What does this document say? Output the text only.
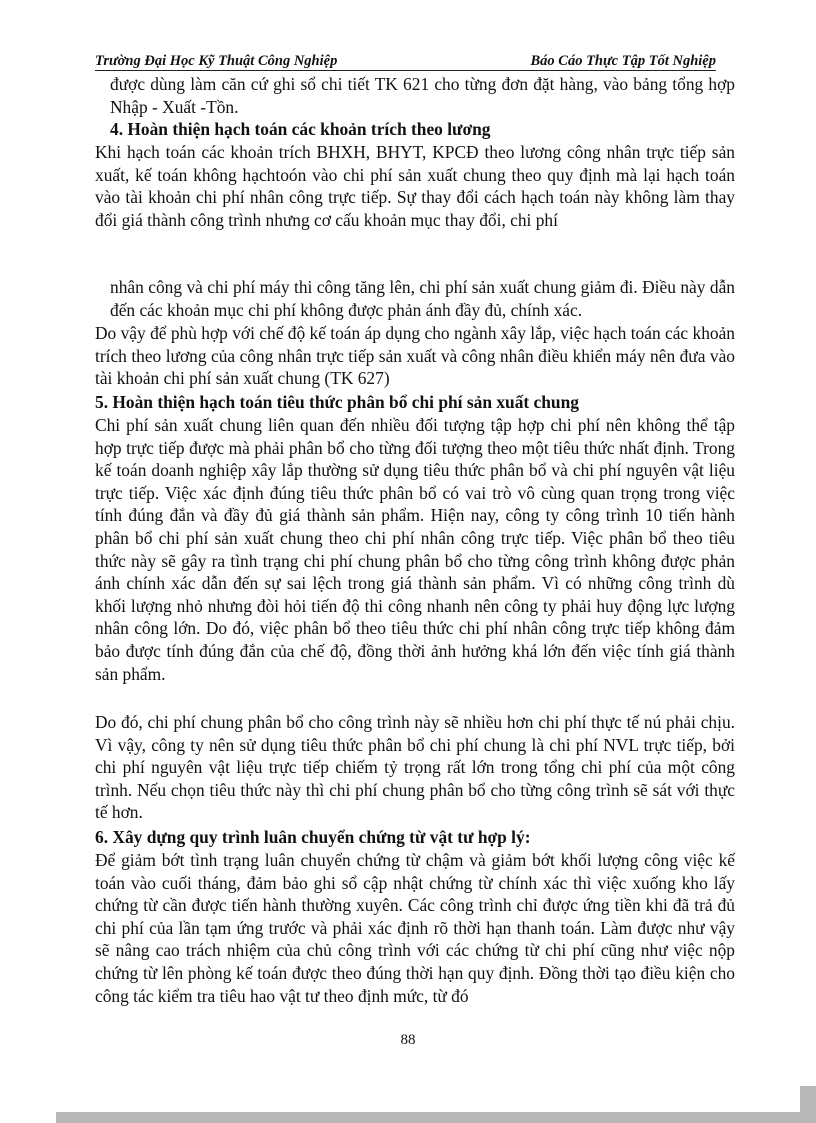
Trường Đại Học Kỹ Thuật Công Nghiệp	Báo Cáo Thực Tập Tốt Nghiệp

được dùng làm căn cứ ghi sổ chi tiết TK 621 cho từng đơn đặt hàng, vào bảng tổng hợp Nhập - Xuất -Tồn.

4. Hoàn thiện hạch toán các khoản trích theo lương

Khi hạch toán các khoản trích BHXH, BHYT, KPCĐ theo lương công nhân trực tiếp sản xuất, kế toán không hạchtoón vào chi phí sản xuất chung theo quy định mà lại hạch toán vào tài khoản chi phí nhân công trực tiếp. Sự thay đổi cách hạch toán này không làm thay đổi giá thành công trình nhưng cơ cấu khoản mục thay đổi, chi phí

nhân công và chi phí máy thi công tăng lên, chi phí sản xuất chung giảm đi. Điều này dẫn đến các khoản mục chi phí không được phản ánh đầy đủ, chính xác.

Do vậy để phù hợp với chế độ kế toán áp dụng cho ngành xây lắp, việc hạch toán các khoản trích theo lương của công nhân trực tiếp sản xuất và công nhân điều khiển máy nên đưa vào tài khoản chi phí sản xuất chung (TK 627)

5. Hoàn thiện hạch toán tiêu thức phân bổ chi phí sản xuất chung

Chi phí sản xuất chung liên quan đến nhiều đối tượng tập hợp chi phí nên không thể tập hợp trực tiếp được mà phải phân bổ cho từng đối tượng theo một tiêu thức nhất định. Trong kế toán doanh nghiệp xây lắp thường sử dụng tiêu thức phân bổ và chi phí nguyên vật liệu trực tiếp. Việc xác định đúng tiêu thức phân bổ có vai trò vô cùng quan trọng trong việc tính đúng đắn và đầy đủ giá thành sản phẩm. Hiện nay, công ty công trình 10 tiến hành phân bổ chi phí sản xuất chung theo chi phí nhân công trực tiếp. Việc phân bổ theo tiêu thức này sẽ gây ra tình trạng chi phí chung phân bổ cho từng công trình không được phản ánh chính xác dẫn đến sự sai lệch trong giá thành sản phẩm. Vì có những công trình dù khối lượng nhỏ nhưng đòi hỏi tiến độ thi công nhanh nên công ty phải huy động lực lượng nhân công lớn. Do đó, việc phân bổ theo tiêu thức chi phí nhân công trực tiếp không đảm bảo được tính đúng đắn của chế độ, đồng thời ảnh hưởng khá lớn đến việc tính giá thành sản phẩm.

Do đó, chi phí chung phân bổ cho công trình này sẽ nhiều hơn chi phí thực tế nú phải chịu. Vì vậy, công ty nên sử dụng tiêu thức phân bổ chi phí chung là chi phí NVL trực tiếp, bởi chi phí nguyên vật liệu trực tiếp chiếm tỷ trọng rất lớn trong tổng chi phí của một công trình. Nếu chọn tiêu thức này thì chi phí chung phân bổ cho từng công trình sẽ sát với thực tế hơn.

6. Xây dựng quy trình luân chuyển chứng từ vật tư hợp lý:

Để giảm bớt tình trạng luân chuyển chứng từ chậm và giảm bớt khối lượng công việc kế toán vào cuối tháng, đảm bảo ghi sổ cập nhật chứng từ chính xác thì việc xuống kho lấy chứng từ cần được tiến hành thường xuyên. Các công trình chỉ được ứng tiền khi đã trả đủ chi phí của lần tạm ứng trước và phải xác định rõ thời hạn thanh toán. Làm được như vậy sẽ nâng cao trách nhiệm của chủ công trình với các chứng từ chi phí cũng như việc nộp chứng từ lên phòng kế toán được theo đúng thời hạn quy định. Đồng thời tạo điều kiện cho công tác kiểm tra tiêu hao vật tư theo định mức, từ đó

88
